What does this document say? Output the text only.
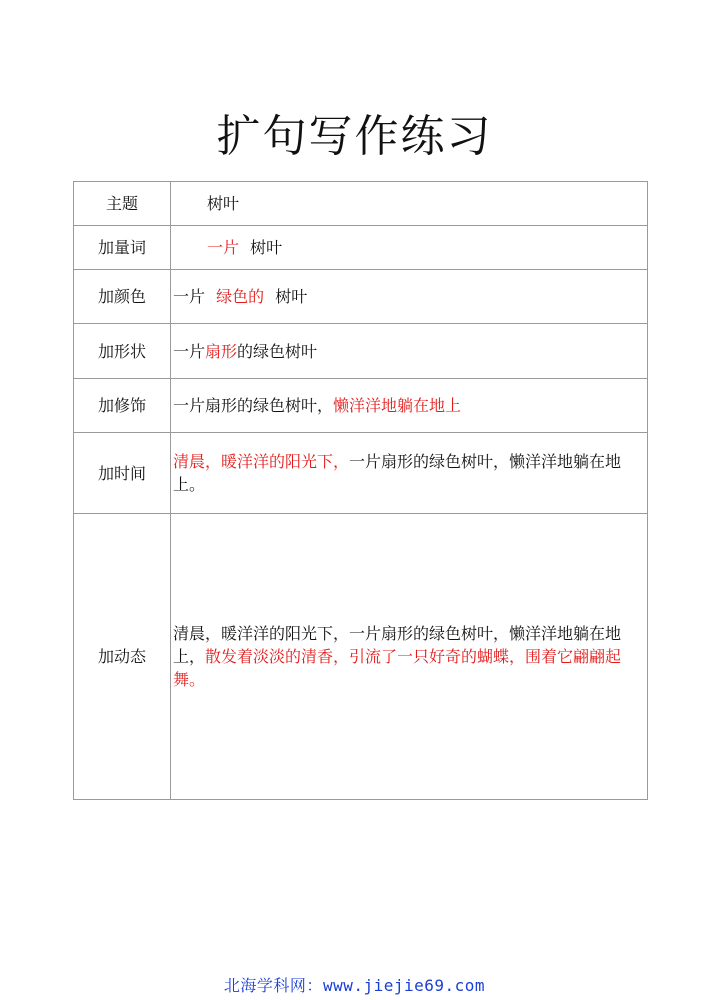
扩句写作练习
主题	树叶
加量词	一片 树叶
加颜色	一片 绿色的 树叶
加形状	一片扇形的绿色树叶
加修饰	一片扇形的绿色树叶，懒洋洋地躺在地上
加时间	清晨，暖洋洋的阳光下，一片扇形的绿色树叶，懒洋洋地躺在地上。
加动态	清晨，暖洋洋的阳光下，一片扇形的绿色树叶，懒洋洋地躺在地上，散发着淡淡的清香，引流了一只好奇的蝴蝶，围着它翩翩起舞。
北海学科网：www.jiejie69.com
